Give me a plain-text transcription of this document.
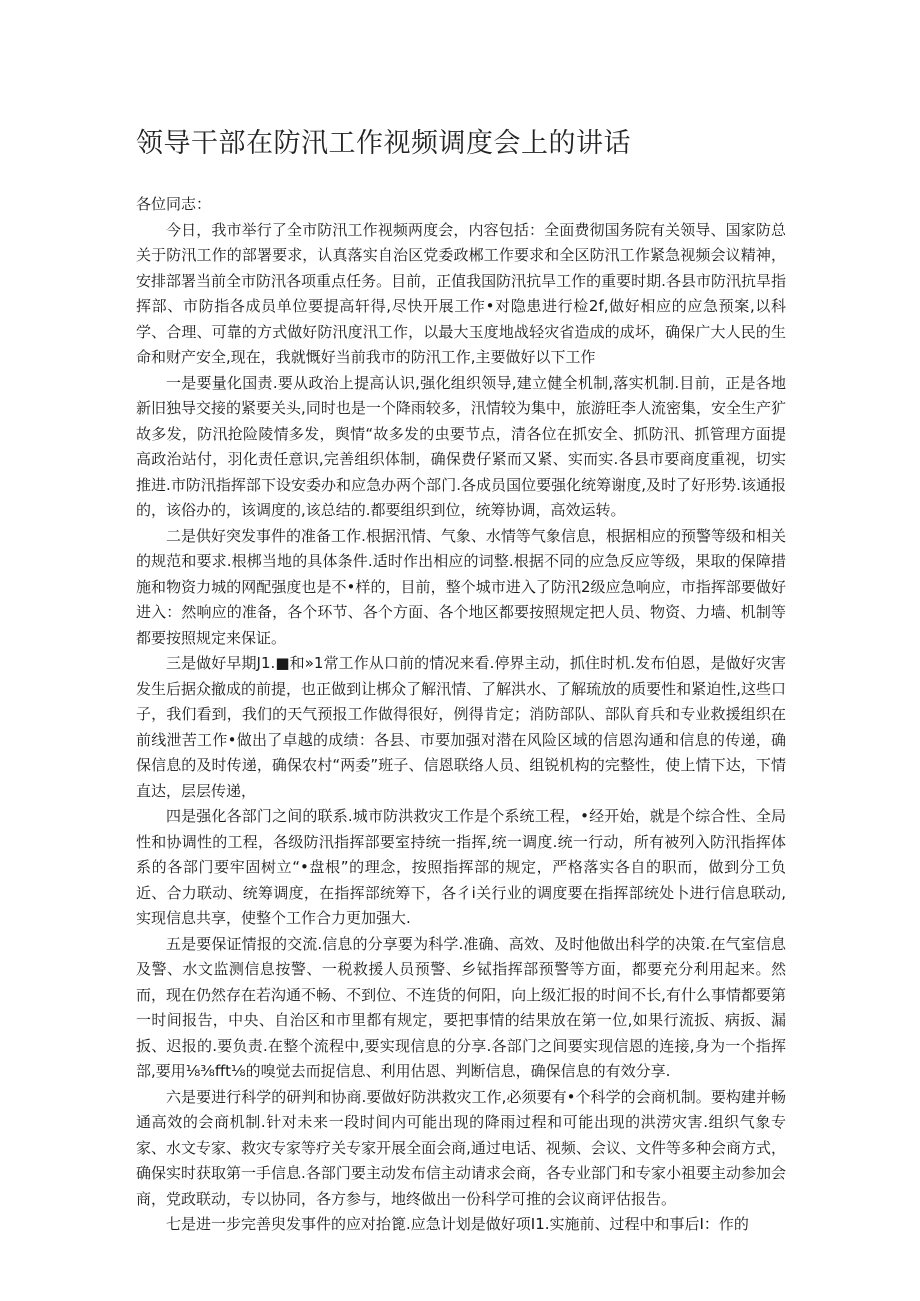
领导干部在防汛工作视频调度会上的讲话

各位同志：

今日，我市举行了全市防汛工作视频两度会，内容包括：全面费彻国务院有关领导、国家防总关于防汛工作的部署要求，认真落实自治区党委政郴工作要求和全区防汛工作紧急视频会议精神，安排部署当前全市防汛各项重点任务。目前，正值我国防汛抗旱工作的重要时期.各县市防汛抗旱指挥部、市防指各成员单位要提高轩得,尽快开展工作•对隐患进行检2f,做好相应的应急预案,以科学、合理、可靠的方式做好防汛度汛工作，以最大玉度地战轻灾省造成的成坏，确保广大人民的生命和财产安全,现在，我就慨好当前我市的防汛工作,主要做好以下工作

一是要量化国责.要从政治上提高认识,强化组织领导,建立健全机制,落实机制.目前，正是各地新旧独导交接的紧要关头,同时也是一个降雨较多，汛情较为集中，旅游旺李人流密集，安全生产犷故多发，防汛抢险陵情多发，舆情“故多发的虫要节点，清各位在抓安全、抓防汛、抓管理方面提高政治站付，羽化责任意识,完善组织体制，确保费仔紧而又紧、实而实.各县市要商度重视，切实推进.市防汛指挥部下设安委办和应急办两个部门.各成员国位要强化统筹谢度,及时了好形势.该通报的，该俗办的，该调度的,该总结的.都要组织到位，统筹协调，高效运转。

二是供好突发事件的准备工作.根据汛情、气象、水情等气象信息，根据相应的预警等级和相关的规范和要求.根梆当地的具体条件.适时作出相应的词整.根据不同的应急反应等级，果取的保障措施和物资力城的网配强度也是不•样的，目前，整个城市进入了防汛2级应急响应，市指挥部要做好进入：然响应的准备，各个环节、各个方面、各个地区都要按照规定把人员、物资、力墙、机制等都要按照规定来保证。

三是做好早期J1.■和»1常工作从口前的情况来看.停界主动，抓住时机.发布伯恩，是做好灾害发生后据众撤成的前提，也正做到让梆众了解汛情、了解洪水、了解琉放的质要性和紧迫性,这些口子，我们看到，我们的天气预报工作做得很好，例得肯定；消防部队、部队育兵和专业救援组织在前线泄苦工作•做出了卓越的成绩：各县、市要加强对潜在风险区域的信恩沟通和信息的传递，确保信息的及时传递，确保农村“两委”班子、信恩联络人员、组锐机构的完整性，使上情下达，下情直达，层层传递，

四是强化各部门之间的联系.城市防洪救灾工作是个系统工程，•经开始，就是个综合性、全局性和协调性的工程，各级防汛指挥部要室持统一指挥,统一调度.统一行动，所有被列入防汛指挥体系的各部门要牢固树立“•盘根”的理念，按照指挥部的规定，严格落实各自的职而，做到分工负近、合力联动、统筹调度，在指挥部统筹下，各彳i关行业的调度要在指挥部统处卜进行信息联动,实现信息共享，使整个工作合力更加强大.

五是要保证情报的交流.信息的分享要为科学.准确、高效、及时他做出科学的决策.在气室信息及警、水文监测信息按警、一税救援人员预警、乡铽指挥部预警等方面，都要充分利用起来。然而，现在仍然存在若沟通不畅、不到位、不连货的何阳，向上级汇报的时间不长,有什么事情都要第一时间报告，中央、自治区和市里都有规定，要把事情的结果放在第一位,如果行流扳、病扳、漏扳、迟报的.要负责.在整个流程中,要实现信息的分享.各部门之间要实现信恩的连接,身为一个指挥部,要用⅛⅜fft⅛的嗅觉去而捉信息、利用估恩、判断信息，确保信息的有效分享.

六是要进行科学的研判和协商.要做好防洪救灾工作,必须要有•个科学的会商机制。要构建并畅通高效的会商机制.针对未来一段时间内可能出现的降雨过程和可能出现的洪涝灾害.组织气象专家、水文专家、救灾专家等疗关专家开展全面会商,通过电话、视频、会议、文件等多种会商方式，确保实时获取第一手信息.各部门要主动发布信主动请求会商，各专业部门和专家小祖要主动参加会商，党政联动，专以协同，各方参与，地终做出一份科学可推的会议商评估报告。

七是进一步完善臾发事件的应对抬篦.应急计划是做好项I1.实施前、过程中和事后I：作的
